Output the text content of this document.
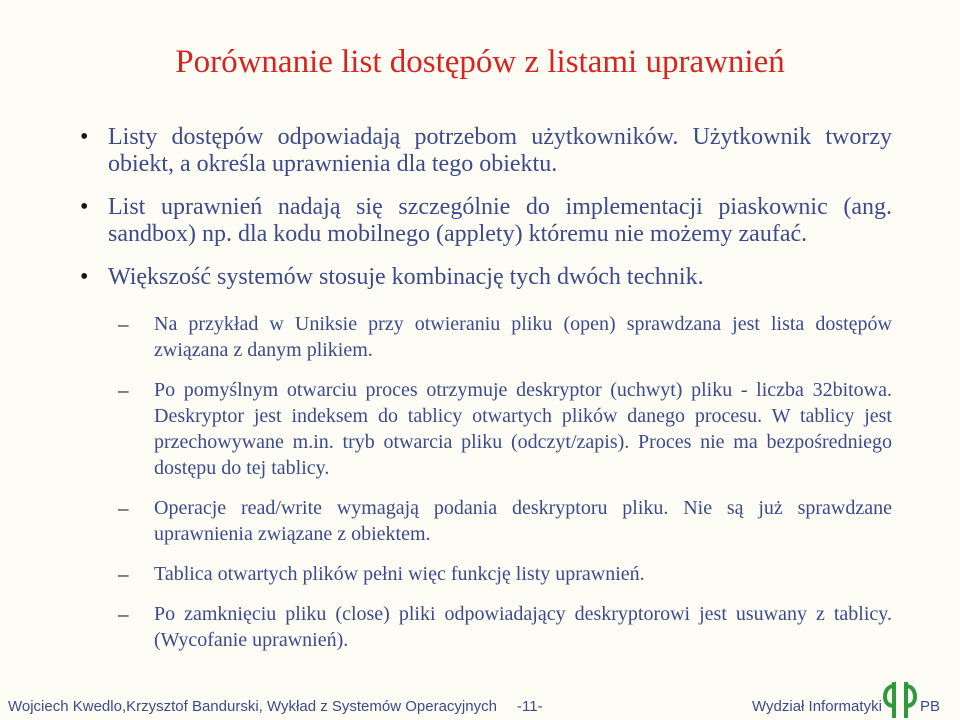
Porównanie list dostępów z listami uprawnień
• Listy dostępów odpowiadają potrzebom użytkowników. Użytkownik tworzy obiekt, a określa uprawnienia dla tego obiektu.
• List uprawnień nadają się szczególnie do implementacji piaskownic (ang. sandbox) np. dla kodu mobilnego (applety) któremu nie możemy zaufać.
• Większość systemów stosuje kombinację tych dwóch technik.
–	Na przykład w Uniksie przy otwieraniu pliku (open) sprawdzana jest lista dostępów związana z danym plikiem.
–	Po pomyślnym otwarciu proces otrzymuje deskryptor (uchwyt) pliku - liczba 32bitowa. Deskryptor jest indeksem do tablicy otwartych plików danego procesu. W tablicy jest przechowywane m.in. tryb otwarcia pliku (odczyt/zapis). Proces nie ma bezpośredniego dostępu do tej tablicy.
–	Operacje read/write wymagają podania deskryptoru pliku. Nie są już sprawdzane uprawnienia związane z obiektem.
–	Tablica otwartych plików pełni więc funkcję listy uprawnień.
–	Po zamknięciu pliku (close) pliki odpowiadający deskryptorowi jest usuwany z tablicy. (Wycofanie uprawnień).
Wojciech Kwedlo,Krzysztof Bandurski, Wykład z Systemów Operacyjnych -11-	Wydział Informatyki	PB
